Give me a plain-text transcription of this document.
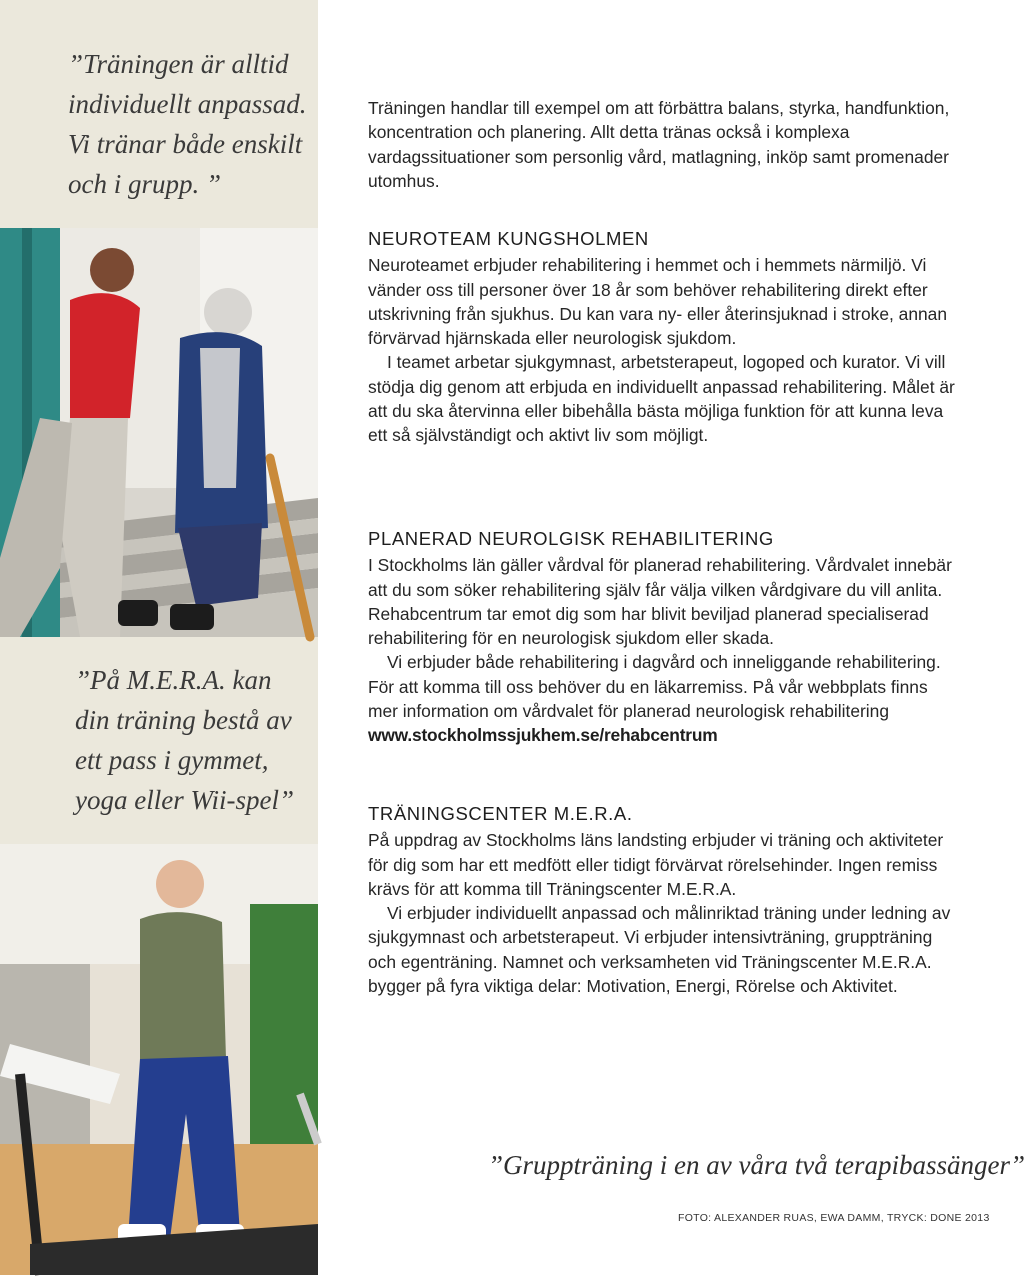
”Träningen är alltid
individuellt anpassad.
Vi tränar både enskilt
och i grupp. ”
”På M.E.R.A. kan
din träning bestå av
ett pass i gymmet,
yoga eller Wii-spel”

Träningen handlar till exempel om att förbättra balans, styrka, handfunktion, koncentration och planering. Allt detta tränas också i komplexa vardagssituationer som personlig vård, matlagning, inköp samt promenader utomhus.

NEUROTEAM KUNGSHOLMEN

Neuroteamet erbjuder rehabilitering i hemmet och i hemmets närmiljö. Vi vänder oss till personer över 18 år som behöver rehabilitering direkt efter utskrivning från sjukhus. Du kan vara ny- eller återinsjuknad i stroke, annan förvärvad hjärnskada eller neurologisk sjukdom.

I teamet arbetar sjukgymnast, arbetsterapeut, logoped och kurator. Vi vill stödja dig genom att erbjuda en individuellt anpassad rehabilitering. Målet är att du ska återvinna eller bibehålla bästa möjliga funktion för att kunna leva ett så självständigt och aktivt liv som möjligt.

PLANERAD NEUROLGISK REHABILITERING

I Stockholms län gäller vårdval för planerad rehabilitering. Vårdvalet innebär att du som söker rehabilitering själv får välja vilken vårdgivare du vill anlita. Rehabcentrum tar emot dig som har blivit beviljad planerad specialiserad rehabilitering för en neurologisk sjukdom eller skada.

Vi erbjuder både rehabilitering i dagvård och inneliggande rehabilitering. För att komma till oss behöver du en läkarremiss. På vår webbplats finns mer information om vårdvalet för planerad neurologisk rehabilitering www.stockholmssjukhem.se/rehabcentrum

TRÄNINGSCENTER M.E.R.A.

På uppdrag av Stockholms läns landsting erbjuder vi träning och aktiviteter för dig som har ett medfött eller tidigt förvärvat rörelsehinder. Ingen remiss krävs för att komma till Träningscenter M.E.R.A.

Vi erbjuder individuellt anpassad och målinriktad träning under ledning av sjukgymnast och arbetsterapeut. Vi erbjuder intensivträning, gruppträning och egenträning. Namnet och verksamheten vid Träningscenter M.E.R.A. bygger på fyra viktiga delar: Motivation, Energi, Rörelse och Aktivitet.

”Gruppträning i en av våra två terapibassänger”

FOTO: ALEXANDER RUAS, EWA DAMM, TRYCK: DONE 2013
